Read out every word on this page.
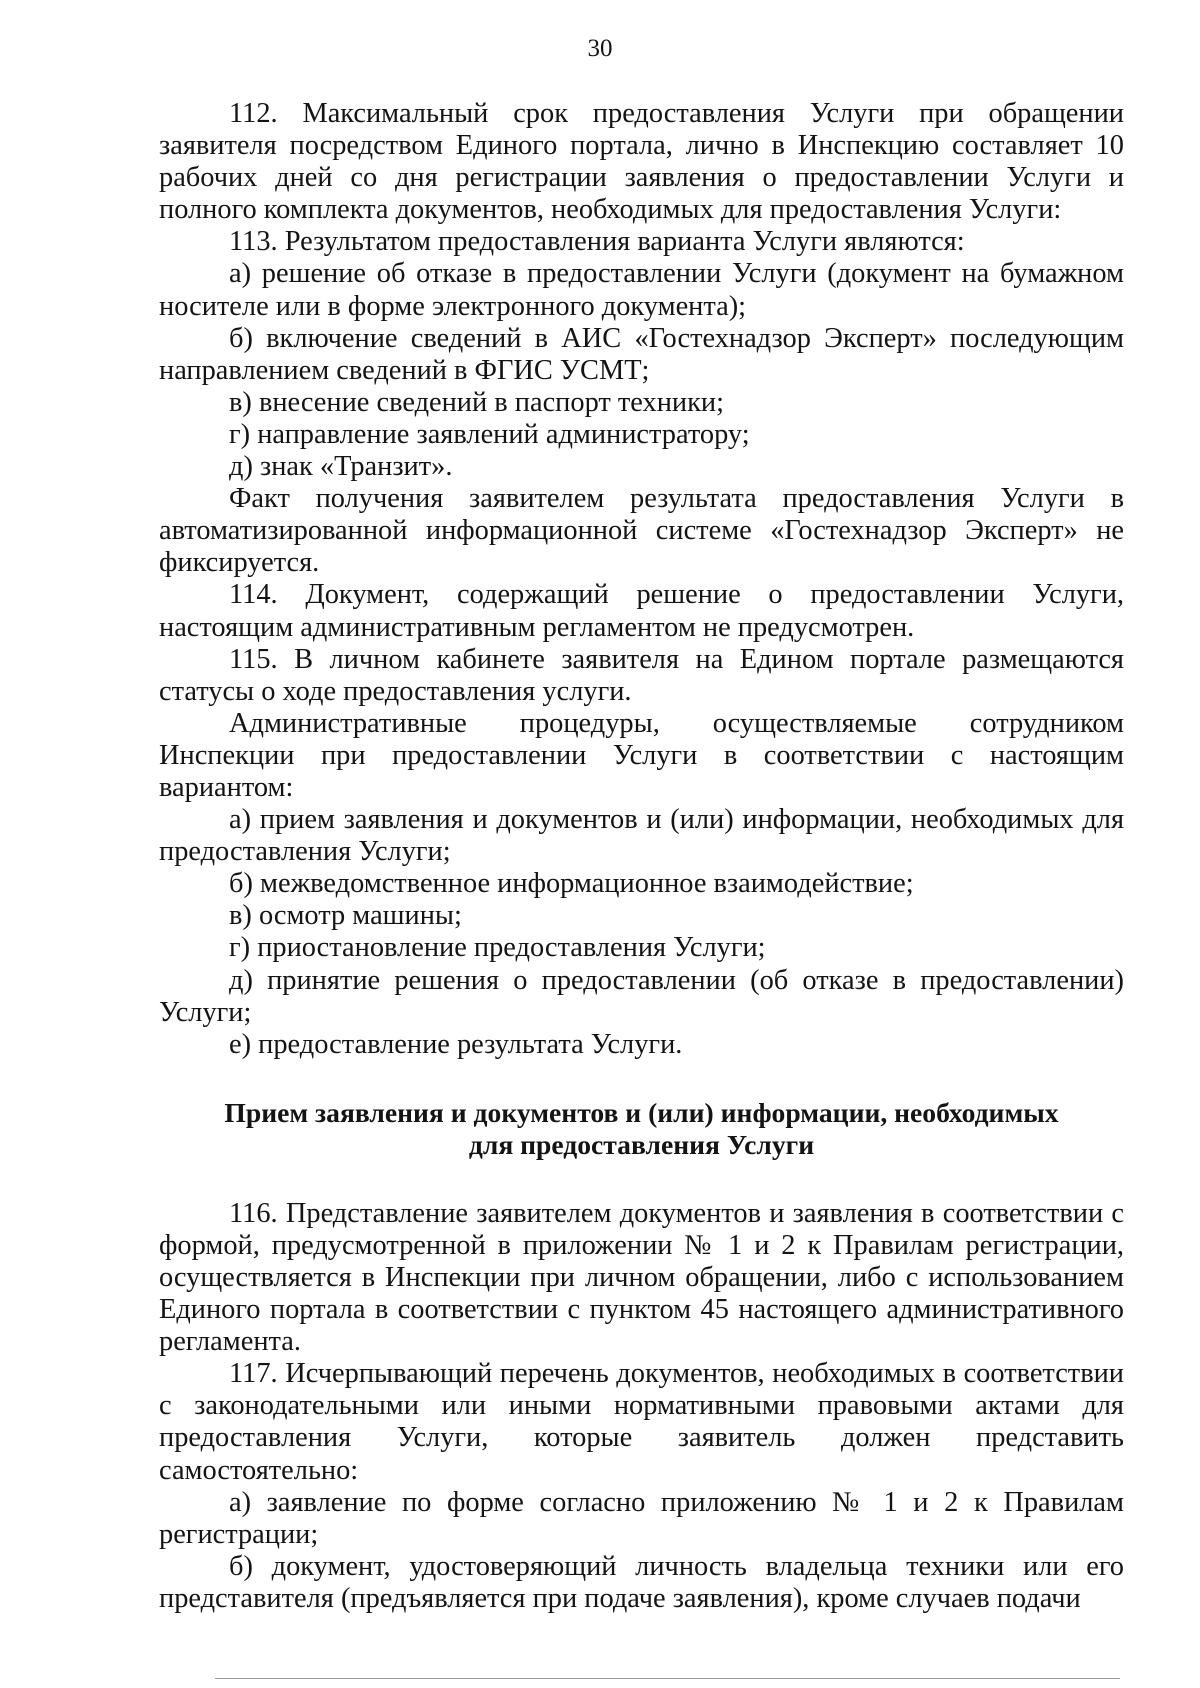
30

112. Максимальный срок предоставления Услуги при обращении заявителя посредством Единого портала, лично в Инспекцию составляет 10 рабочих дней со дня регистрации заявления о предоставлении Услуги и полного комплекта документов, необходимых для предоставления Услуги:

113. Результатом предоставления варианта Услуги являются:

а) решение об отказе в предоставлении Услуги (документ на бумажном носителе или в форме электронного документа);

б) включение сведений в АИС «Гостехнадзор Эксперт» последующим направлением сведений в ФГИС УСМТ;

в) внесение сведений в паспорт техники;

г) направление заявлений администратору;

д) знак «Транзит».

Факт получения заявителем результата предоставления Услуги в автоматизированной информационной системе «Гостехнадзор Эксперт» не фиксируется.

114. Документ, содержащий решение о предоставлении Услуги, настоящим административным регламентом не предусмотрен.

115. В личном кабинете заявителя на Едином портале размещаются статусы о ходе предоставления услуги.

Административные процедуры, осуществляемые сотрудником Инспекции при предоставлении Услуги в соответствии с настоящим вариантом:

а) прием заявления и документов и (или) информации, необходимых для предоставления Услуги;

б) межведомственное информационное взаимодействие;

в) осмотр машины;

г) приостановление предоставления Услуги;

д) принятие решения о предоставлении (об отказе в предоставлении) Услуги;

е) предоставление результата Услуги.

Прием заявления и документов и (или) информации, необходимых
для предоставления Услуги

116. Представление заявителем документов и заявления в соответствии с формой, предусмотренной в приложении № 1 и 2 к Правилам регистрации, осуществляется в Инспекции при личном обращении, либо с использованием Единого портала в соответствии с пунктом 45 настоящего административного регламента.

117. Исчерпывающий перечень документов, необходимых в соответствии с законодательными или иными нормативными правовыми актами для предоставления Услуги, которые заявитель должен представить самостоятельно:

а) заявление по форме согласно приложению № 1 и 2 к Правилам регистрации;

б) документ, удостоверяющий личность владельца техники или его представителя (предъявляется при подаче заявления), кроме случаев подачи
